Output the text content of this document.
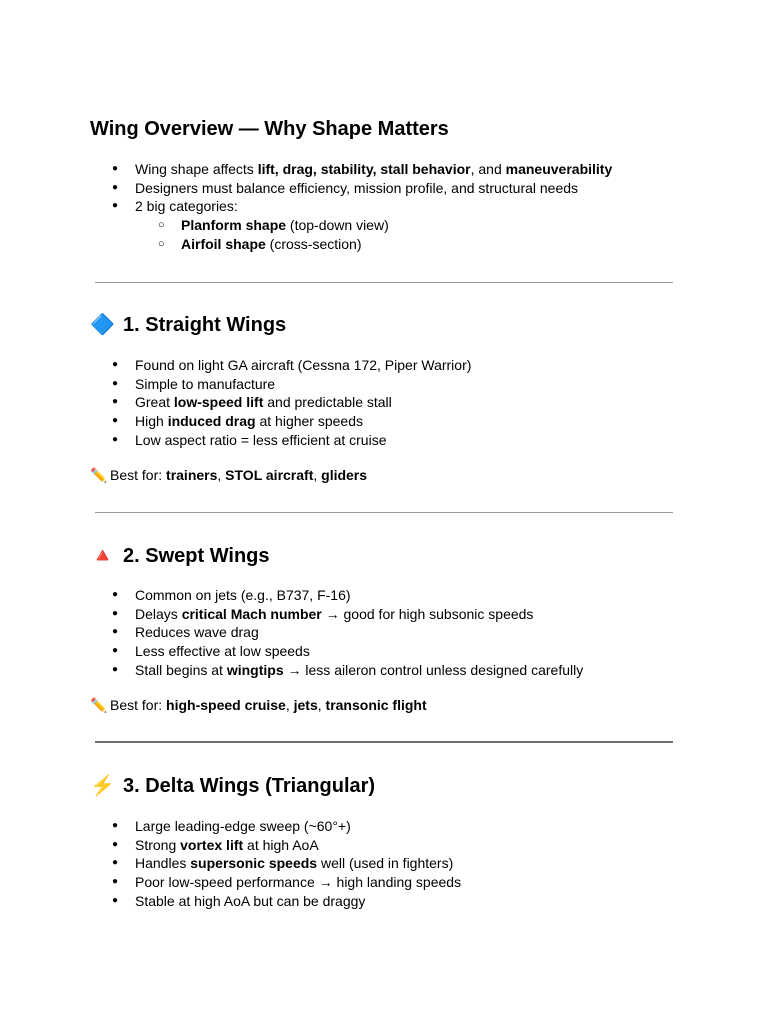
Wing Overview — Why Shape Matters
● Wing shape affects lift, drag, stability, stall behavior, and maneuverability
● Designers must balance efficiency, mission profile, and structural needs
● 2 big categories:
○ Planform shape (top-down view)
○ Airfoil shape (cross-section)
🔷 1. Straight Wings
● Found on light GA aircraft (Cessna 172, Piper Warrior)
● Simple to manufacture
● Great low-speed lift and predictable stall
● High induced drag at higher speeds
● Low aspect ratio = less efficient at cruise
✏️ Best for: trainers, STOL aircraft, gliders
🔺 2. Swept Wings
● Common on jets (e.g., B737, F-16)
● Delays critical Mach number → good for high subsonic speeds
● Reduces wave drag
● Less effective at low speeds
● Stall begins at wingtips → less aileron control unless designed carefully
✏️ Best for: high-speed cruise, jets, transonic flight
⚡ 3. Delta Wings (Triangular)
● Large leading-edge sweep (~60°+)
● Strong vortex lift at high AoA
● Handles supersonic speeds well (used in fighters)
● Poor low-speed performance → high landing speeds
● Stable at high AoA but can be draggy
